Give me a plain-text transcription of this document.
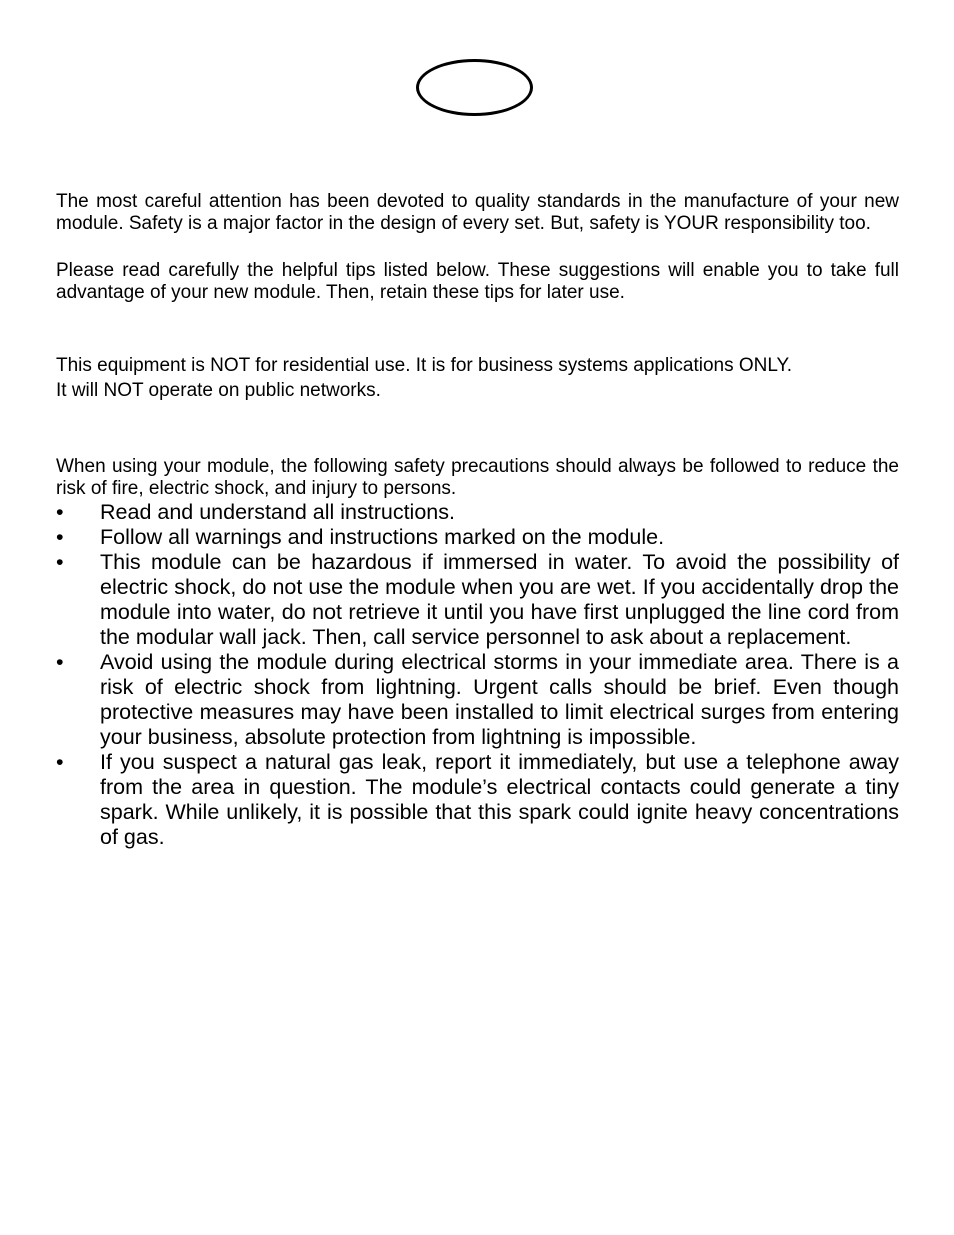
The most careful attention has been devoted to quality standards in the manufacture of your new module. Safety is a major factor in the design of every set. But, safety is YOUR responsibility too.

Please read carefully the helpful tips listed below. These suggestions will enable you to take full advantage of your new module. Then, retain these tips for later use.

This equipment is NOT for residential use. It is for business systems applications ONLY.

It will NOT operate on public networks.

When using your module, the following safety precautions should always be followed to reduce the risk of fire, electric shock, and injury to persons.

• Read and understand all instructions.
• Follow all warnings and instructions marked on the module.
• This module can be hazardous if immersed in water. To avoid the possibility of electric shock, do not use the module when you are wet. If you accidentally drop the module into water, do not retrieve it until you have first unplugged the line cord from the modular wall jack. Then, call service personnel to ask about a replacement.
• Avoid using the module during electrical storms in your immediate area. There is a risk of electric shock from lightning. Urgent calls should be brief. Even though protective measures may have been installed to limit electrical surges from entering your business, absolute protection from lightning is impossible.
• If you suspect a natural gas leak, report it immediately, but use a telephone away from the area in question. The module’s electrical contacts could generate a tiny spark. While unlikely, it is possible that this spark could ignite heavy concentrations of gas.
